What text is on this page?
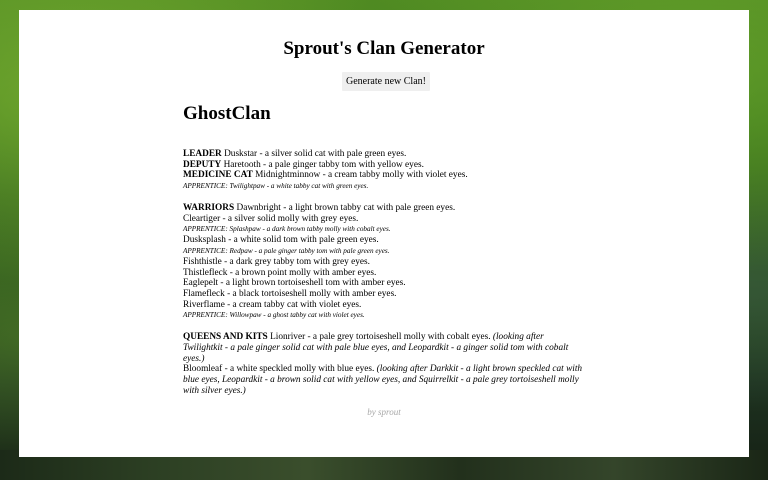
Sprout's Clan Generator
Generate new Clan!
GhostClan
LEADER Duskstar - a silver solid cat with pale green eyes.
DEPUTY Haretooth - a pale ginger tabby tom with yellow eyes.
MEDICINE CAT Midnightminnow - a cream tabby molly with violet eyes.
APPRENTICE: Twilightpaw - a white tabby cat with green eyes.
WARRIORS Dawnbright - a light brown tabby cat with pale green eyes.
Cleartiger - a silver solid molly with grey eyes.
APPRENTICE: Splashpaw - a dark brown tabby molly with cobalt eyes.
Dusksplash - a white solid tom with pale green eyes.
APPRENTICE: Redpaw - a pale ginger tabby tom with pale green eyes.
Fishthistle - a dark grey tabby tom with grey eyes.
Thistlefleck - a brown point molly with amber eyes.
Eaglepelt - a light brown tortoiseshell tom with amber eyes.
Flamefleck - a black tortoiseshell molly with amber eyes.
Riverflame - a cream tabby cat with violet eyes.
APPRENTICE: Willowpaw - a ghost tabby cat with violet eyes.
QUEENS AND KITS Lionriver - a pale grey tortoiseshell molly with cobalt eyes. (looking after Twilightkit - a pale ginger solid cat with pale blue eyes, and Leopardkit - a ginger solid tom with cobalt eyes.)
Bloomleaf - a white speckled molly with blue eyes. (looking after Darkkit - a light brown speckled cat with blue eyes, Leopardkit - a brown solid cat with yellow eyes, and Squirrelkit - a pale grey tortoiseshell molly with silver eyes.)
by sprout
